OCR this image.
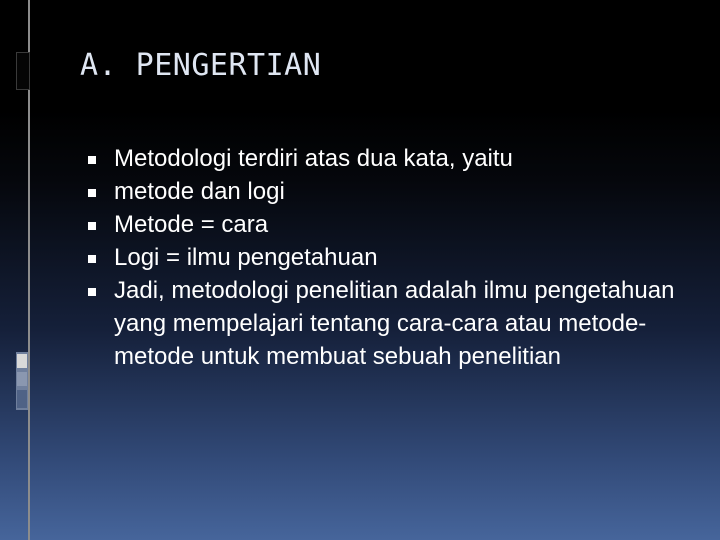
A. PENGERTIAN
Metodologi terdiri atas dua kata, yaitu
metode dan logi
Metode = cara
Logi = ilmu pengetahuan
Jadi, metodologi penelitian adalah ilmu pengetahuan yang mempelajari tentang cara-cara atau metode-metode untuk membuat sebuah penelitian
